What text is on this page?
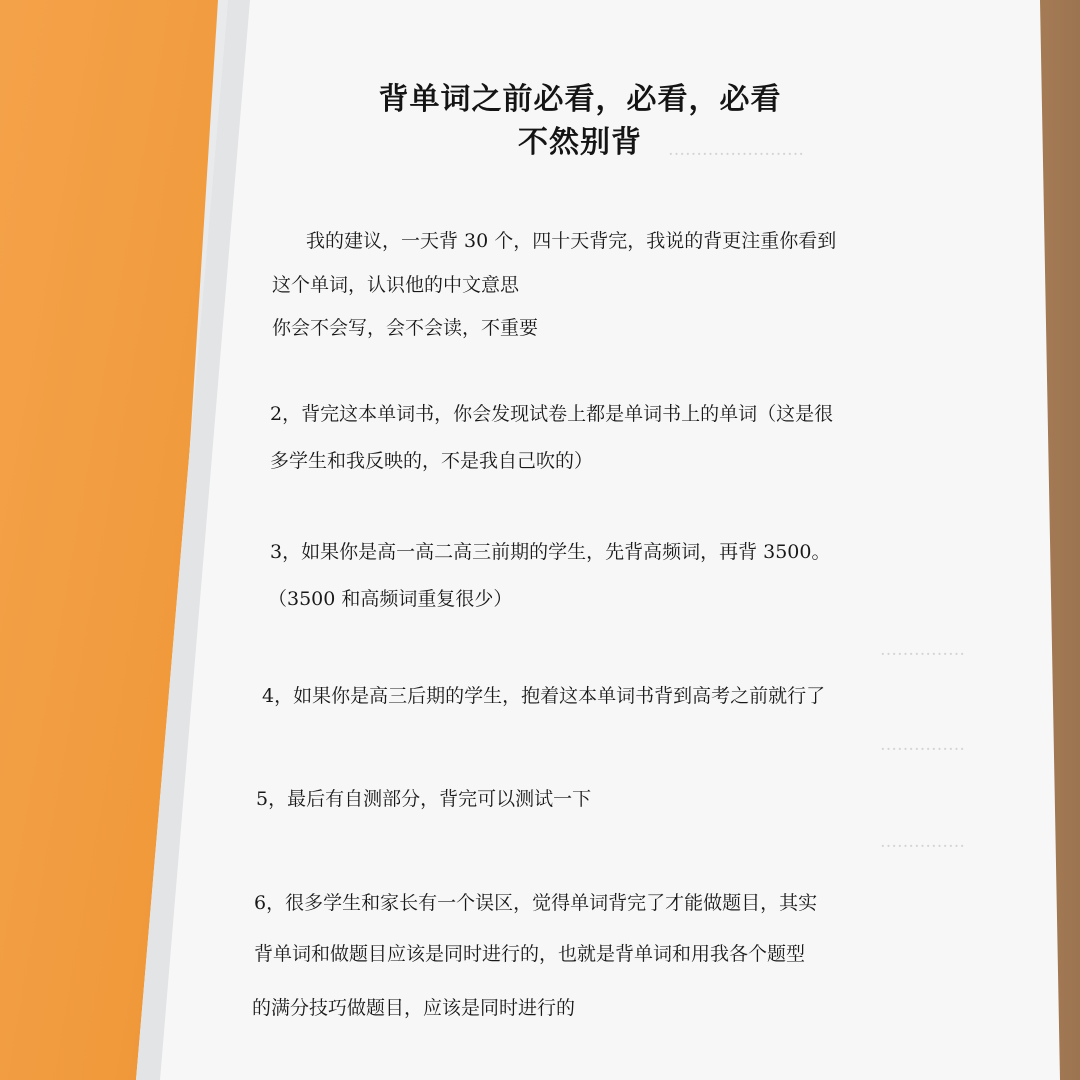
……………………
……………
……………
……………
背单词之前必看，必看，必看
不然别背
我的建议，一天背 30 个，四十天背完，我说的背更注重你看到
这个单词，认识他的中文意思
你会不会写，会不会读，不重要
2，背完这本单词书，你会发现试卷上都是单词书上的单词（这是很
多学生和我反映的，不是我自己吹的）
3，如果你是高一高二高三前期的学生，先背高频词，再背 3500。
（3500 和高频词重复很少）
4，如果你是高三后期的学生，抱着这本单词书背到高考之前就行了
5，最后有自测部分，背完可以测试一下
6，很多学生和家长有一个误区，觉得单词背完了才能做题目，其实
背单词和做题目应该是同时进行的，也就是背单词和用我各个题型
的满分技巧做题目，应该是同时进行的
